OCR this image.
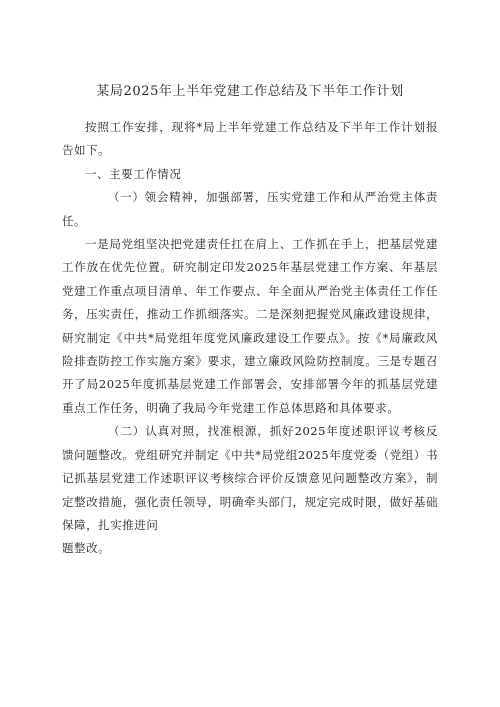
某局2025年上半年党建工作总结及下半年工作计划

按照工作安排，现将*局上半年党建工作总结及下半年工作计划报告如下。

一、主要工作情况

（一）领会精神，加强部署，压实党建工作和从严治党主体责任。

一是局党组坚决把党建责任扛在肩上、工作抓在手上，把基层党建工作放在优先位置。研究制定印发2025年基层党建工作方案、年基层党建工作重点项目清单、年工作要点、年全面从严治党主体责任工作任务，压实责任，推动工作抓细落实。二是深刻把握党风廉政建设规律，研究制定《中共*局党组年度党风廉政建设工作要点》。按《*局廉政风险排查防控工作实施方案》要求，建立廉政风险防控制度。三是专题召开了局2025年度抓基层党建工作部署会，安排部署今年的抓基层党建重点工作任务，明确了我局今年党建工作总体思路和具体要求。

（二）认真对照，找准根源，抓好2025年度述职评议考核反馈问题整改。党组研究并制定《中共*局党组2025年度党委（党组）书记抓基层党建工作述职评议考核综合评价反馈意见问题整改方案》，制定整改措施，强化责任领导，明确牵头部门，规定完成时限，做好基础保障，扎实推进问

题整改。
